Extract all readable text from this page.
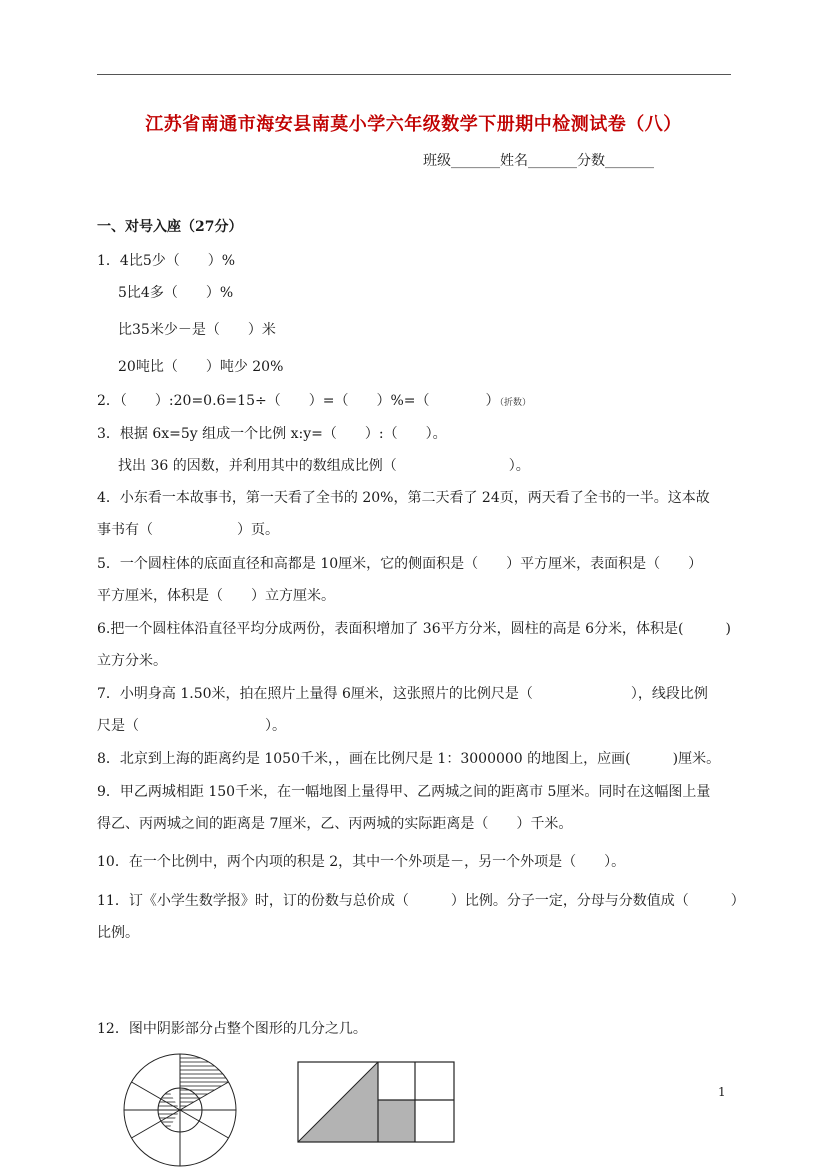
江苏省南通市海安县南莫小学六年级数学下册期中检测试卷（八）
班级_______姓名_______分数_______
一、对号入座（27分）
1．4比5少（　　）%
5比4多（　　）%
比35米少－是（　　）米
20吨比（　　）吨少 20%
2．（　　）:20=0.6=15÷（　　）=（　　）%=（　　　　）（折数）
3．根据 6x=5y 组成一个比例 x:y=（　　）:（　　）。
找出 36 的因数，并利用其中的数组成比例（　　　　　　　　）。
4．小东看一本故事书，第一天看了全书的 20%，第二天看了 24页，两天看了全书的一半。这本故
事书有（　　　　　　）页。
5．一个圆柱体的底面直径和高都是 10厘米，它的侧面积是（　　）平方厘米，表面积是（　　）
平方厘米，体积是（　　）立方厘米。
6.把一个圆柱体沿直径平均分成两份，表面积增加了 36平方分米，圆柱的高是 6分米，体积是(　　　)
立方分米。
7．小明身高 1.50米，拍在照片上量得 6厘米，这张照片的比例尺是（　　　　　　　），线段比例
尺是（　　　　　　　　　）。
8．北京到上海的距离约是 1050千米，，画在比例尺是 1：3000000 的地图上，应画(　　　)厘米。
9．甲乙两城相距 150千米，在一幅地图上量得甲、乙两城之间的距离市 5厘米。同时在这幅图上量
得乙、丙两城之间的距离是 7厘米，乙、丙两城的实际距离是（　　）千米。
10．在一个比例中，两个内项的积是 2，其中一个外项是－，另一个外项是（　　）。
11．订《小学生数学报》时，订的份数与总价成（　　　）比例。分子一定，分母与分数值成（　　　）
比例。
12．图中阴影部分占整个图形的几分之几。
1
